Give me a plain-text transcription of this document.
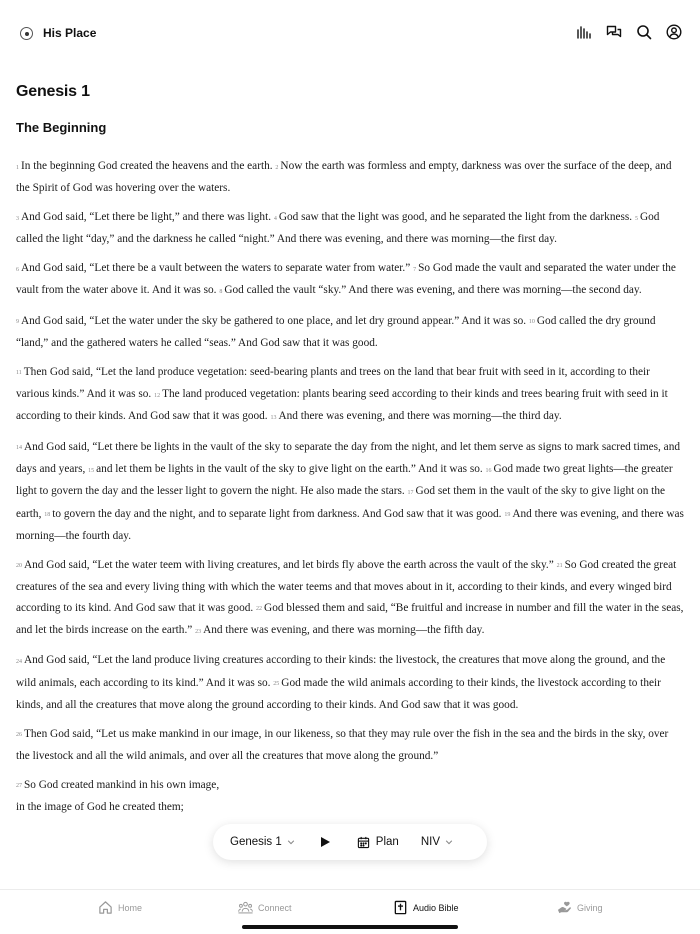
His Place
Genesis 1
The Beginning

1 In the beginning God created the heavens and the earth. 2 Now the earth was formless and empty, darkness was over the surface of the deep, and the Spirit of God was hovering over the waters.

3 And God said, “Let there be light,” and there was light. 4 God saw that the light was good, and he separated the light from the darkness. 5 God called the light “day,” and the darkness he called “night.” And there was evening, and there was morning—the first day.

6 And God said, “Let there be a vault between the waters to separate water from water.” 7 So God made the vault and separated the water under the vault from the water above it. And it was so. 8 God called the vault “sky.” And there was evening, and there was morning—the second day.

9 And God said, “Let the water under the sky be gathered to one place, and let dry ground appear.” And it was so. 10 God called the dry ground “land,” and the gathered waters he called “seas.” And God saw that it was good.

11 Then God said, “Let the land produce vegetation: seed-bearing plants and trees on the land that bear fruit with seed in it, according to their various kinds.” And it was so. 12 The land produced vegetation: plants bearing seed according to their kinds and trees bearing fruit with seed in it according to their kinds. And God saw that it was good. 13 And there was evening, and there was morning—the third day.

14 And God said, “Let there be lights in the vault of the sky to separate the day from the night, and let them serve as signs to mark sacred times, and days and years, 15 and let them be lights in the vault of the sky to give light on the earth.” And it was so. 16 God made two great lights—the greater light to govern the day and the lesser light to govern the night. He also made the stars. 17 God set them in the vault of the sky to give light on the earth, 18 to govern the day and the night, and to separate light from darkness. And God saw that it was good. 19 And there was evening, and there was morning—the fourth day.

20 And God said, “Let the water teem with living creatures, and let birds fly above the earth across the vault of the sky.” 21 So God created the great creatures of the sea and every living thing with which the water teems and that moves about in it, according to their kinds, and every winged bird according to its kind. And God saw that it was good. 22 God blessed them and said, “Be fruitful and increase in number and fill the water in the seas, and let the birds increase on the earth.” 23 And there was evening, and there was morning—the fifth day.

24 And God said, “Let the land produce living creatures according to their kinds: the livestock, the creatures that move along the ground, and the wild animals, each according to its kind.” And it was so. 25 God made the wild animals according to their kinds, the livestock according to their kinds, and all the creatures that move along the ground according to their kinds. And God saw that it was good.

26 Then God said, “Let us make mankind in our image, in our likeness, so that they may rule over the fish in the sea and the birds in the sky, over the livestock and all the wild animals, and over all the creatures that move along the ground.”

27 So God created mankind in his own image,
in the image of God he created them;

Genesis 1	Plan NIV
Home	Connect	Audio Bible	Giving
